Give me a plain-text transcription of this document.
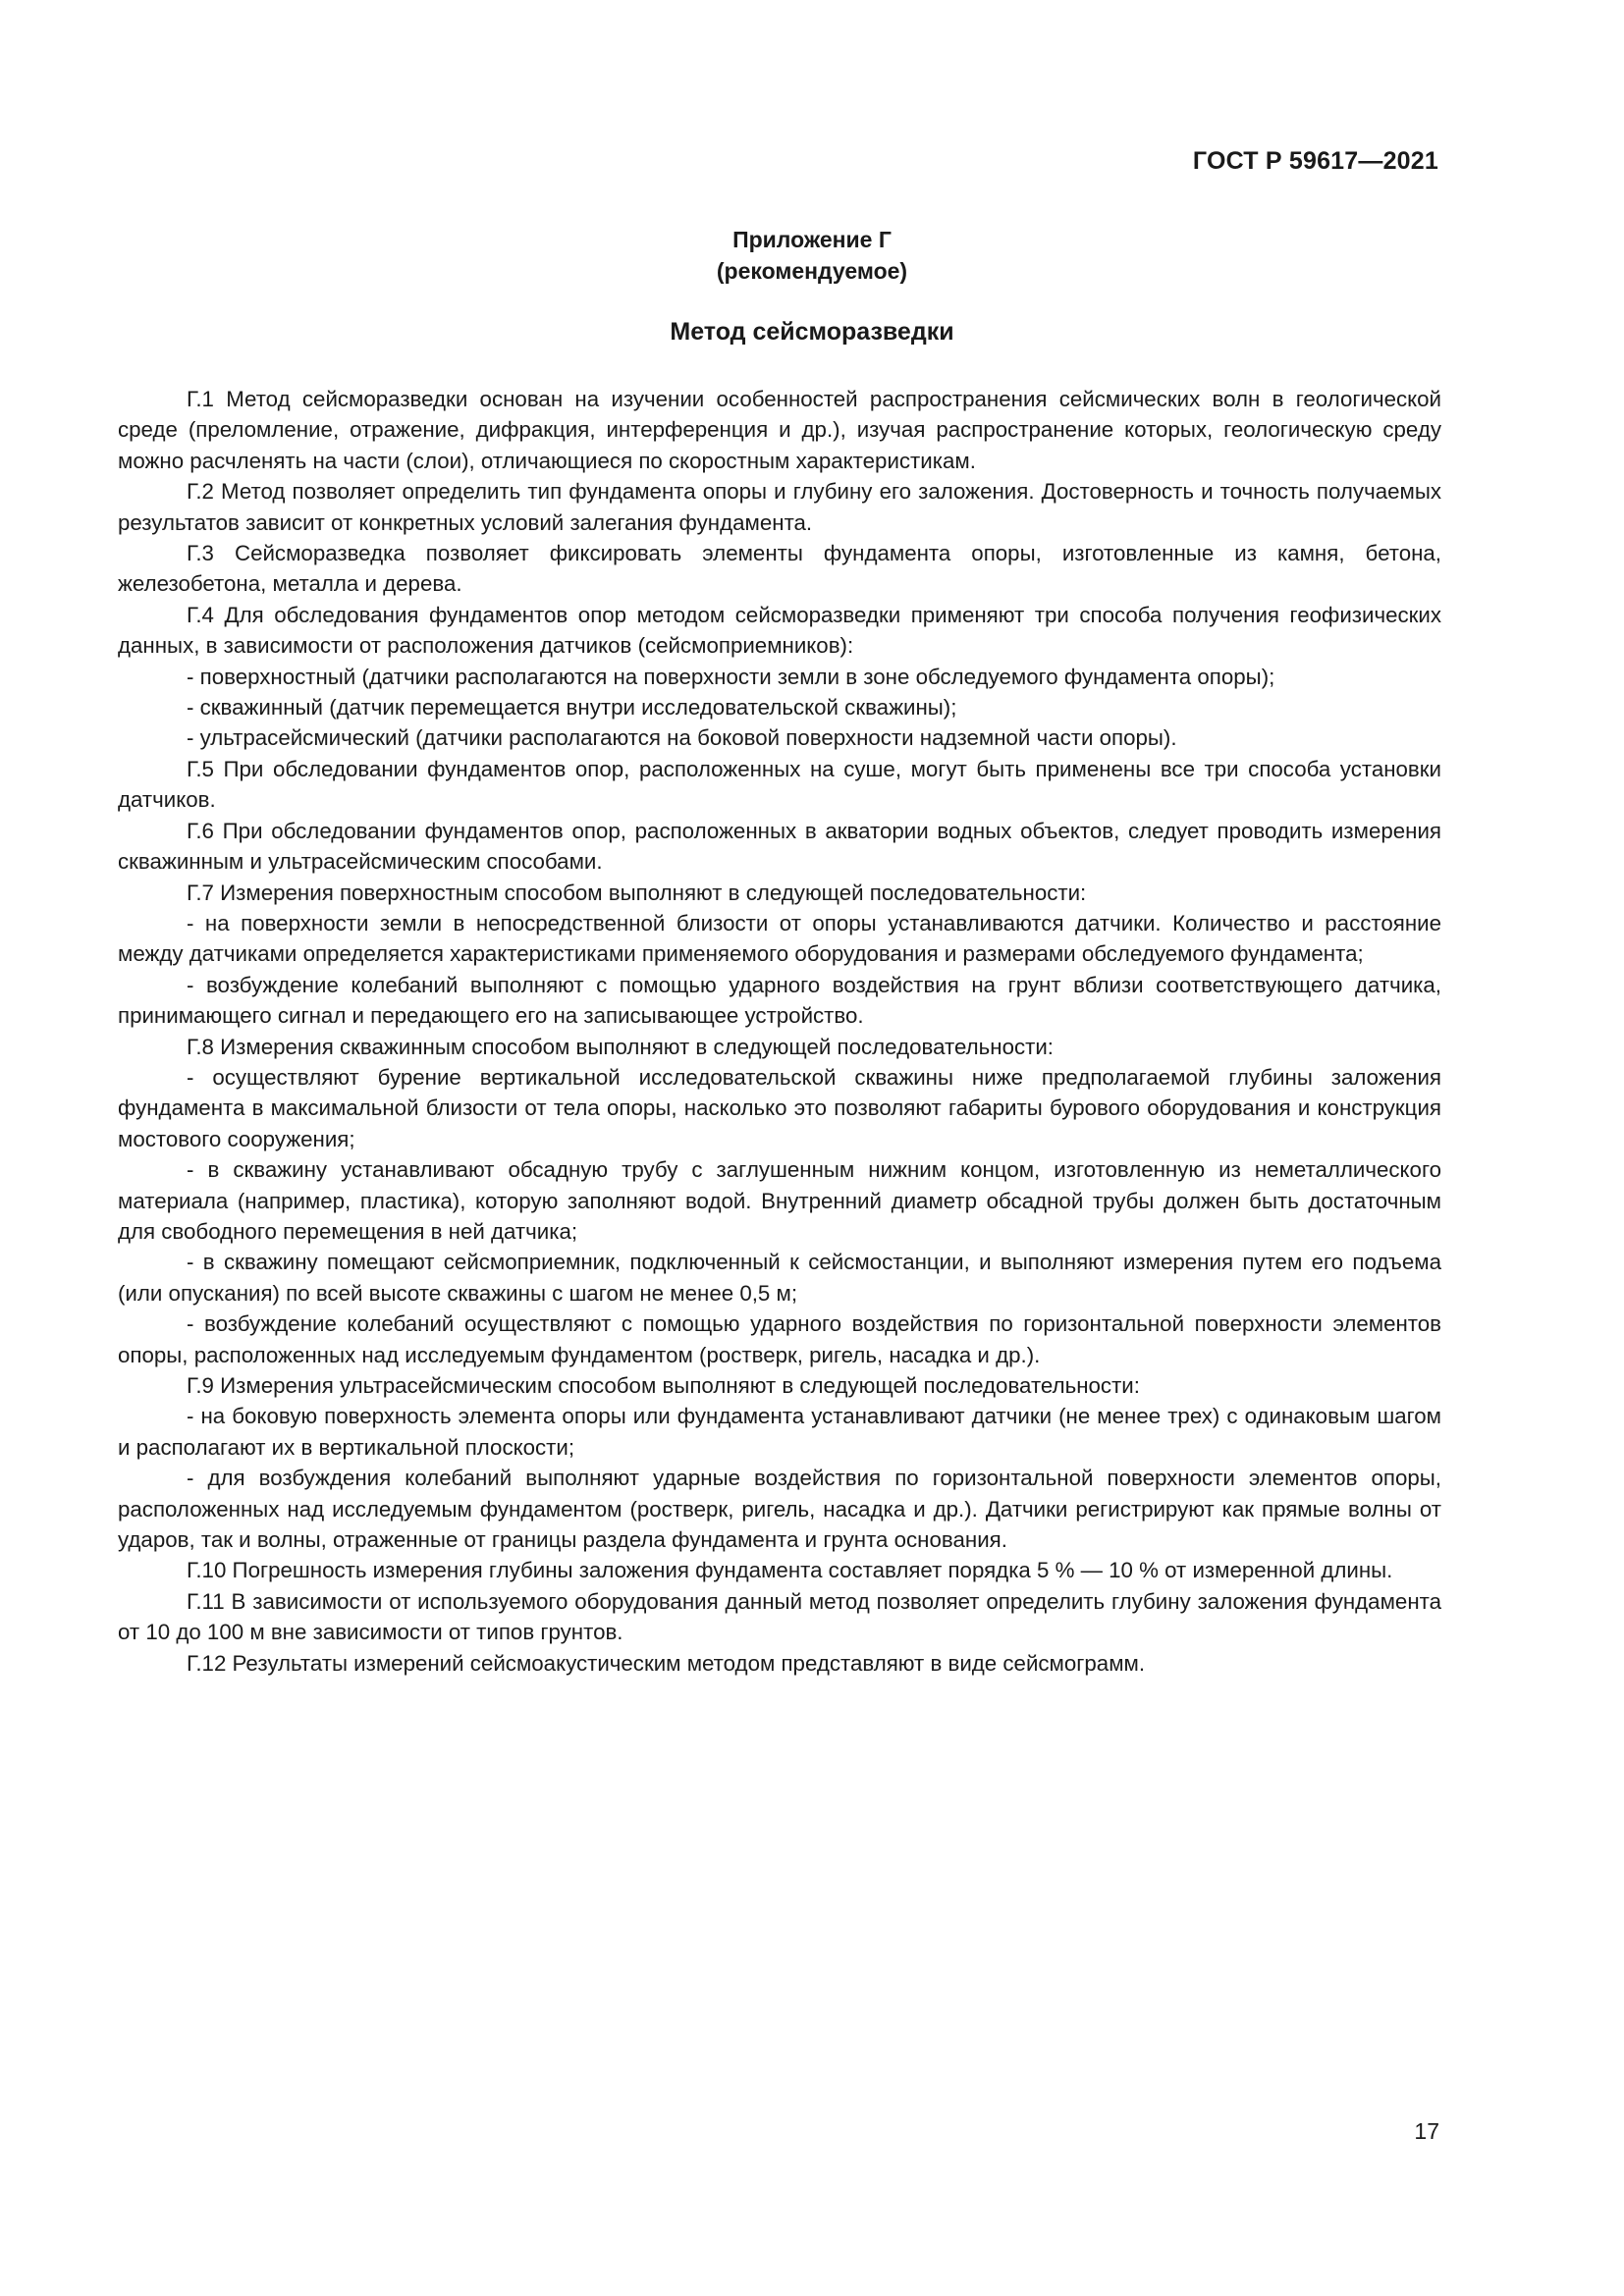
ГОСТ Р 59617—2021
Приложение Г
(рекомендуемое)
Метод сейсморазведки

Г.1 Метод сейсморазведки основан на изучении особенностей распространения сейсмических волн в геологической среде (преломление, отражение, дифракция, интерференция и др.), изучая распространение которых, геологическую среду можно расчленять на части (слои), отличающиеся по скоростным характеристикам.

Г.2 Метод позволяет определить тип фундамента опоры и глубину его заложения. Достоверность и точность получаемых результатов зависит от конкретных условий залегания фундамента.

Г.3 Сейсморазведка позволяет фиксировать элементы фундамента опоры, изготовленные из камня, бетона, железобетона, металла и дерева.

Г.4 Для обследования фундаментов опор методом сейсморазведки применяют три способа получения геофизических данных, в зависимости от расположения датчиков (сейсмоприемников):

- поверхностный (датчики располагаются на поверхности земли в зоне обследуемого фундамента опоры);

- скважинный (датчик перемещается внутри исследовательской скважины);

- ультрасейсмический (датчики располагаются на боковой поверхности надземной части опоры).

Г.5 При обследовании фундаментов опор, расположенных на суше, могут быть применены все три способа установки датчиков.

Г.6 При обследовании фундаментов опор, расположенных в акватории водных объектов, следует проводить измерения скважинным и ультрасейсмическим способами.

Г.7 Измерения поверхностным способом выполняют в следующей последовательности:

- на поверхности земли в непосредственной близости от опоры устанавливаются датчики. Количество и расстояние между датчиками определяется характеристиками применяемого оборудования и размерами обследуемого фундамента;

- возбуждение колебаний выполняют с помощью ударного воздействия на грунт вблизи соответствующего датчика, принимающего сигнал и передающего его на записывающее устройство.

Г.8 Измерения скважинным способом выполняют в следующей последовательности:

- осуществляют бурение вертикальной исследовательской скважины ниже предполагаемой глубины заложения фундамента в максимальной близости от тела опоры, насколько это позволяют габариты бурового оборудования и конструкция мостового сооружения;

- в скважину устанавливают обсадную трубу с заглушенным нижним концом, изготовленную из неметаллического материала (например, пластика), которую заполняют водой. Внутренний диаметр обсадной трубы должен быть достаточным для свободного перемещения в ней датчика;

- в скважину помещают сейсмоприемник, подключенный к сейсмостанции, и выполняют измерения путем его подъема (или опускания) по всей высоте скважины с шагом не менее 0,5 м;

- возбуждение колебаний осуществляют с помощью ударного воздействия по горизонтальной поверхности элементов опоры, расположенных над исследуемым фундаментом (ростверк, ригель, насадка и др.).

Г.9 Измерения ультрасейсмическим способом выполняют в следующей последовательности:

- на боковую поверхность элемента опоры или фундамента устанавливают датчики (не менее трех) с одинаковым шагом и располагают их в вертикальной плоскости;

- для возбуждения колебаний выполняют ударные воздействия по горизонтальной поверхности элементов опоры, расположенных над исследуемым фундаментом (ростверк, ригель, насадка и др.). Датчики регистрируют как прямые волны от ударов, так и волны, отраженные от границы раздела фундамента и грунта основания.

Г.10 Погрешность измерения глубины заложения фундамента составляет порядка 5 % — 10 % от измеренной длины.

Г.11 В зависимости от используемого оборудования данный метод позволяет определить глубину заложения фундамента от 10 до 100 м вне зависимости от типов грунтов.

Г.12 Результаты измерений сейсмоакустическим методом представляют в виде сейсмограмм.

17
